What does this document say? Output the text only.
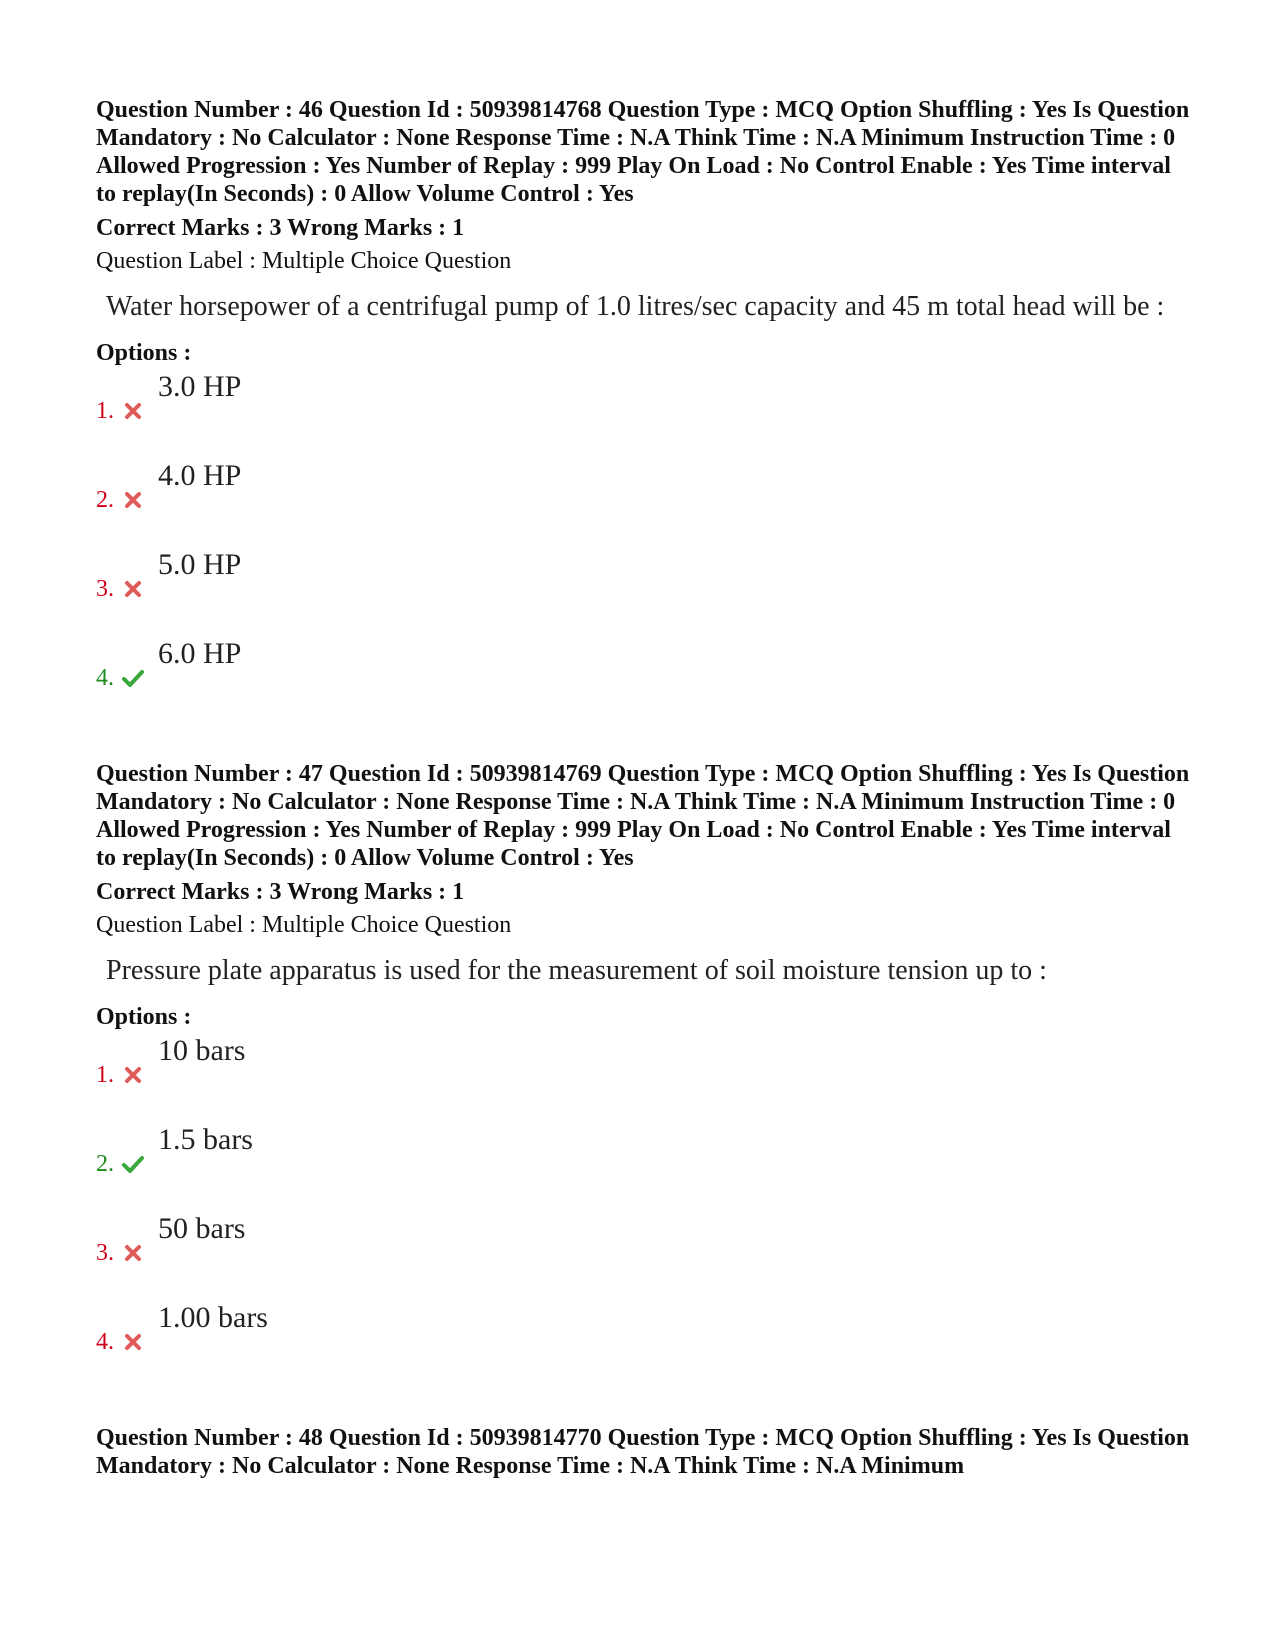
Question Number : 46 Question Id : 50939814768 Question Type : MCQ Option Shuffling : Yes Is Question Mandatory : No Calculator : None Response Time : N.A Think Time : N.A Minimum Instruction Time : 0 Allowed Progression : Yes Number of Replay : 999 Play On Load : No Control Enable : Yes Time interval to replay(In Seconds) : 0 Allow Volume Control : Yes

Correct Marks : 3 Wrong Marks : 1

Question Label : Multiple Choice Question

Water horsepower of a centrifugal pump of 1.0 litres/sec capacity and 45 m total head will be :

Options :

1.
3.0 HP
2.
4.0 HP
3.
5.0 HP
4.
6.0 HP

Question Number : 47 Question Id : 50939814769 Question Type : MCQ Option Shuffling : Yes Is Question Mandatory : No Calculator : None Response Time : N.A Think Time : N.A Minimum Instruction Time : 0 Allowed Progression : Yes Number of Replay : 999 Play On Load : No Control Enable : Yes Time interval to replay(In Seconds) : 0 Allow Volume Control : Yes

Correct Marks : 3 Wrong Marks : 1

Question Label : Multiple Choice Question

Pressure plate apparatus is used for the measurement of soil moisture tension up to :

Options :

1.
10 bars
2.
1.5 bars
3.
50 bars
4.
1.00 bars

Question Number : 48 Question Id : 50939814770 Question Type : MCQ Option Shuffling : Yes Is Question Mandatory : No Calculator : None Response Time : N.A Think Time : N.A Minimum
